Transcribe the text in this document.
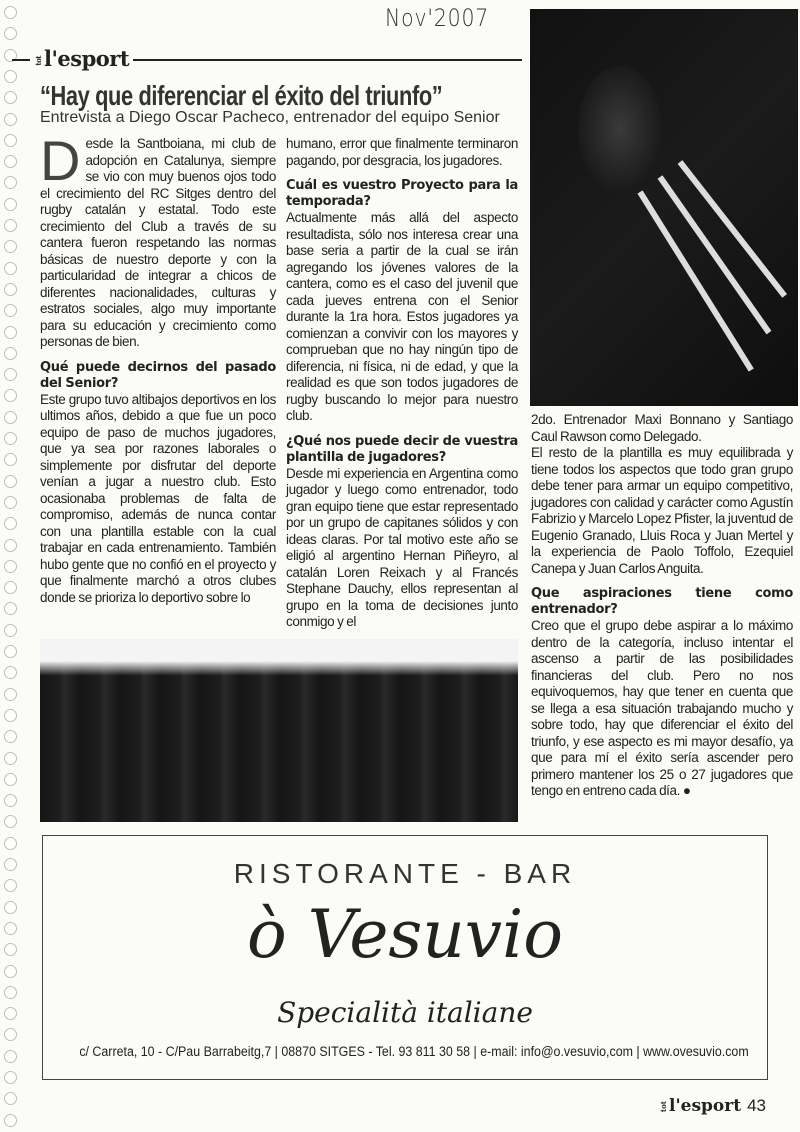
Nov'2007
totl'esport
“Hay que diferenciar el éxito del triunfo”
Entrevista a Diego Oscar Pacheco, entrenador del equipo Senior

Desde la Santboiana, mi club de adopción en Catalunya, siempre se vio con muy buenos ojos todo el crecimiento del RC Sitges dentro del rugby catalán y estatal. Todo este crecimiento del Club a través de su cantera fueron respetando las normas básicas de nuestro deporte y con la particularidad de integrar a chicos de diferentes nacionalidades, culturas y estratos sociales, algo muy importante para su educación y crecimiento como personas de bien.

Qué puede decirnos del pasado del Senior?

Este grupo tuvo altibajos deportivos en los ultimos años, debido a que fue un poco equipo de paso de muchos jugadores, que ya sea por razones laborales o simplemente por disfrutar del deporte venían a jugar a nuestro club. Esto ocasionaba problemas de falta de compromiso, además de nunca contar con una plantilla estable con la cual trabajar en cada entrenamiento. También hubo gente que no confió en el proyecto y que finalmente marchó a otros clubes donde se prioriza lo deportivo sobre lo

humano, error que finalmente terminaron pagando, por desgracia, los jugadores.

Cuál es vuestro Proyecto para la temporada?

Actualmente más allá del aspecto resultadista, sólo nos interesa crear una base seria a partir de la cual se irán agregando los jóvenes valores de la cantera, como es el caso del juvenil que cada jueves entrena con el Senior durante la 1ra hora. Estos jugadores ya comienzan a convivir con los mayores y comprueban que no hay ningún tipo de diferencia, ni física, ni de edad, y que la realidad es que son todos jugadores de rugby buscando lo mejor para nuestro club.

¿Qué nos puede decir de vuestra plantilla de jugadores?

Desde mi experiencia en Argentina como jugador y luego como entrenador, todo gran equipo tiene que estar representado por un grupo de capitanes sólidos y con ideas claras. Por tal motivo este año se eligió al argentino Hernan Piñeyro, al catalán Loren Reixach y al Francés Stephane Dauchy, ellos representan al grupo en la toma de decisiones junto conmigo y el

2do. Entrenador Maxi Bonnano y Santiago Caul Rawson como Delegado.

El resto de la plantilla es muy equilibrada y tiene todos los aspectos que todo gran grupo debe tener para armar un equipo competitivo, jugadores con calidad y carácter como Agustín Fabrizio y Marcelo Lopez Pfister, la juventud de Eugenio Granado, Lluis Roca y Juan Mertel y la experiencia de Paolo Toffolo, Ezequiel Canepa y Juan Carlos Anguita.

Que aspiraciones tiene como entrenador?

Creo que el grupo debe aspirar a lo máximo dentro de la categoría, incluso intentar el ascenso a partir de las posibilidades financieras del club. Pero no nos equivoquemos, hay que tener en cuenta que se llega a esa situación trabajando mucho y sobre todo, hay que diferenciar el éxito del triunfo, y ese aspecto es mi mayor desafío, ya que para mí el éxito sería ascender pero primero mantener los 25 o 27 jugadores que tengo en entreno cada día. ●

RISTORANTE - BAR
ò Vesuvio
Specialità italiane
c/ Carreta, 10 - C/Pau Barrabeitg,7 | 08870 SITGES - Tel. 93 811 30 58 | e-mail: info@o.vesuvio,com | www.ovesuvio.com
totl'esport 43
